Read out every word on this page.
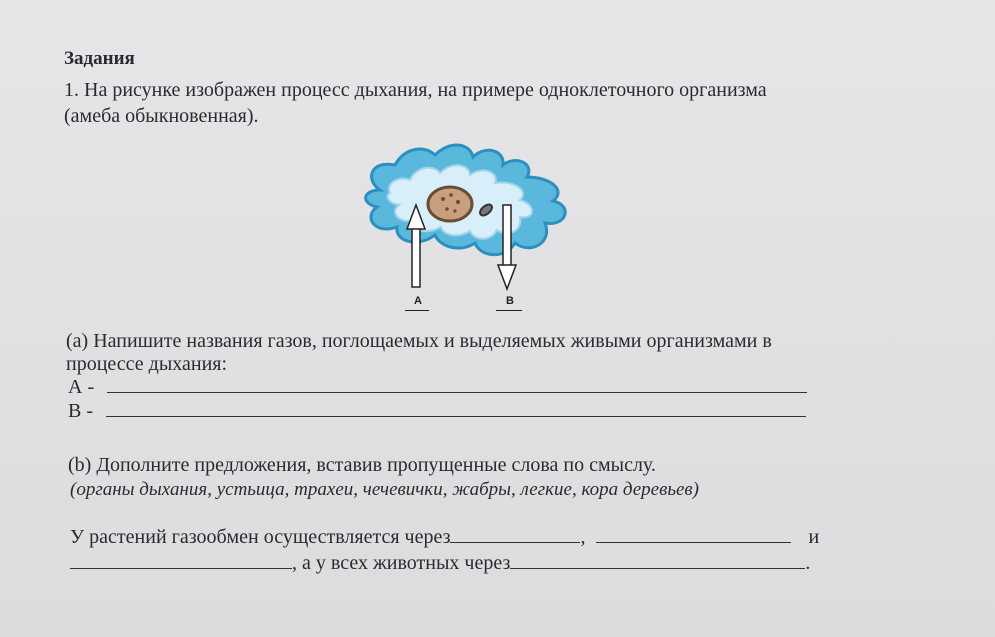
Задания
1. На рисунке изображен процесс дыхания, на примере одноклеточного организма
(амеба обыкновенная).
А	В
(а) Напишите названия газов, поглощаемых и выделяемых живыми организмами в
процессе дыхания:
А -
В -
(b) Дополните предложения, вставив пропущенные слова по смыслу.
(органы дыхания, устьица, трахеи, чечевички, жабры, легкие, кора деревьев)
У растений газообмен осуществляется через	,	и
, а у всех животных через	.
